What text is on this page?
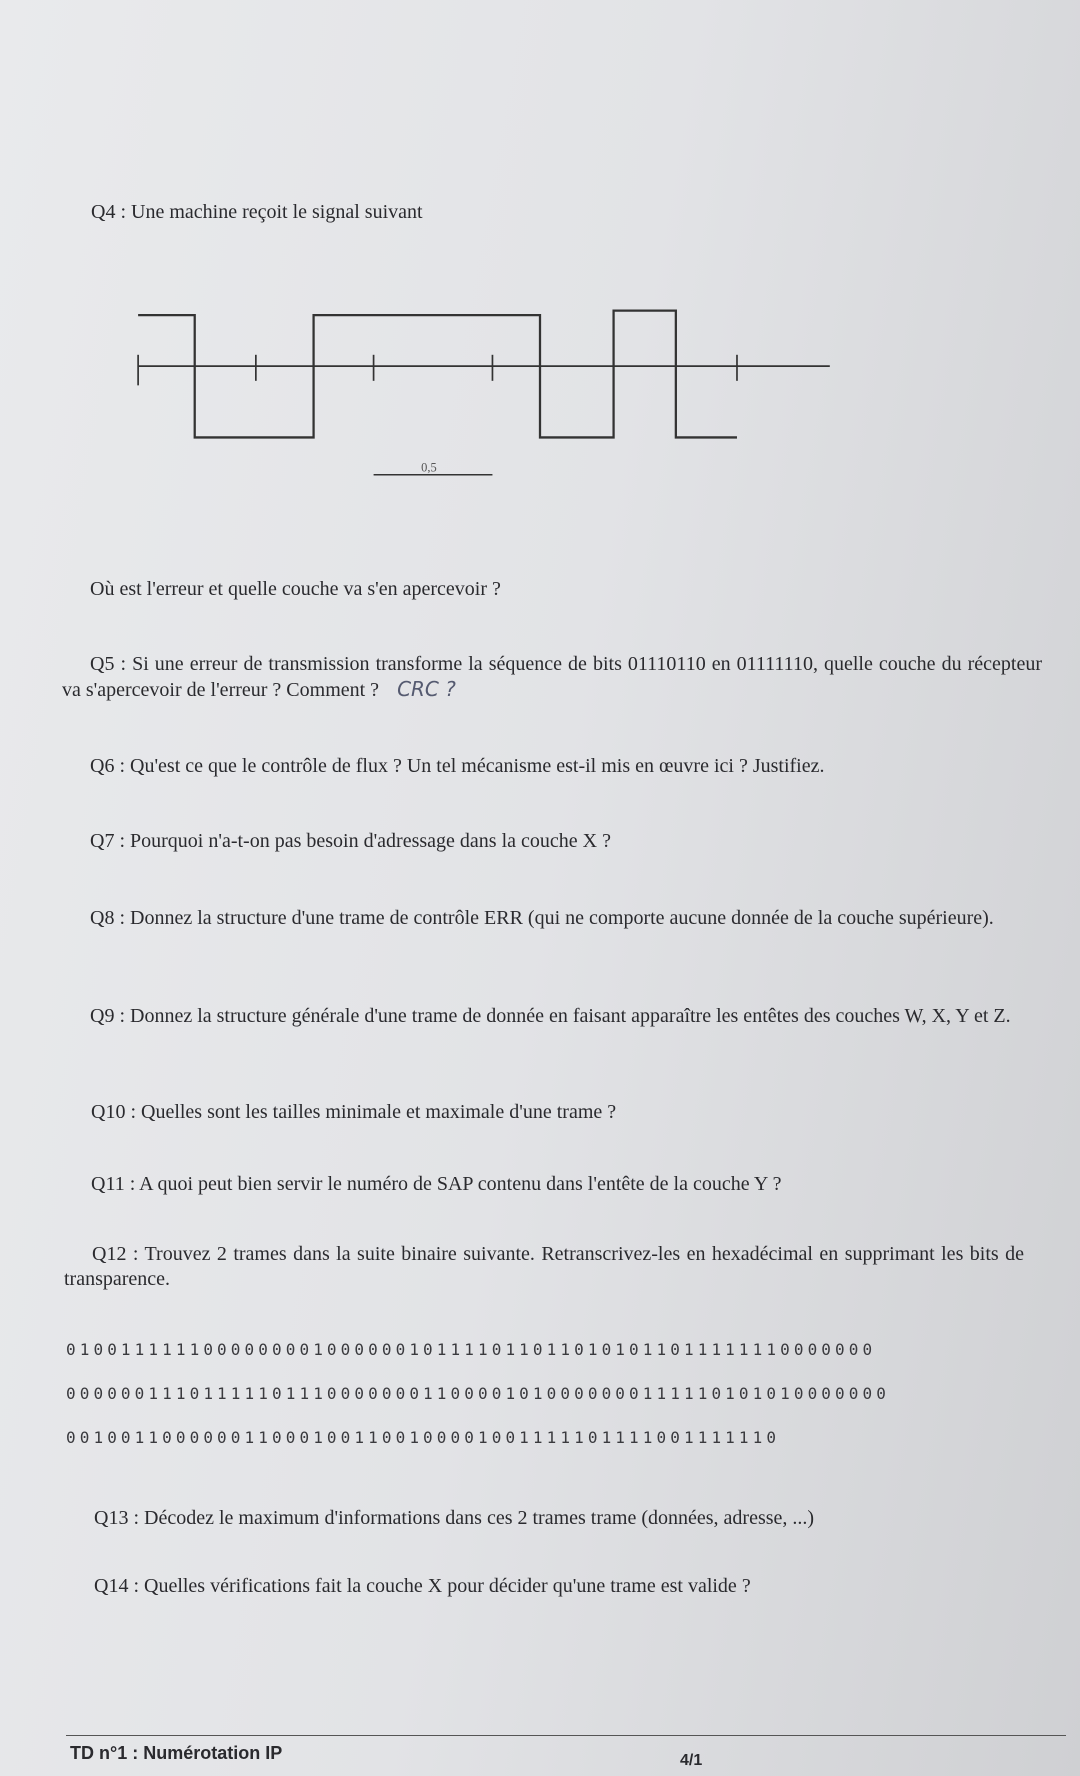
Q4 : Une machine reçoit le signal suivant
0,5
Où est l'erreur et quelle couche va s'en apercevoir ?
Q5 : Si une erreur de transmission transforme la séquence de bits 01110110 en 01111110, quelle couche du récepteur va s'apercevoir de l'erreur ? Comment ? CRC ?
Q6 : Qu'est ce que le contrôle de flux ? Un tel mécanisme est-il mis en œuvre ici ? Justifiez.
Q7 : Pourquoi n'a-t-on pas besoin d'adressage dans la couche X ?
Q8 : Donnez la structure d'une trame de contrôle ERR (qui ne comporte aucune donnée de la couche supérieure).
Q9 : Donnez la structure générale d'une trame de donnée en faisant apparaître les entêtes des couches W, X, Y et Z.
Q10 : Quelles sont les tailles minimale et maximale d'une trame ?
Q11 : A quoi peut bien servir le numéro de SAP contenu dans l'entête de la couche Y ?
Q12 : Trouvez 2 trames dans la suite binaire suivante. Retranscrivez-les en hexadécimal en supprimant les bits de transparence.
01001111110000000010000001011110110110101011011111110000000
000000111011111011100000001100001010000000111110101010000000
0010011000000110001001100100001001111101111001111110
Q13 : Décodez le maximum d'informations dans ces 2 trames trame (données, adresse, ...)
Q14 : Quelles vérifications fait la couche X pour décider qu'une trame est valide ?
TD n°1 : Numérotation IP	4/1
